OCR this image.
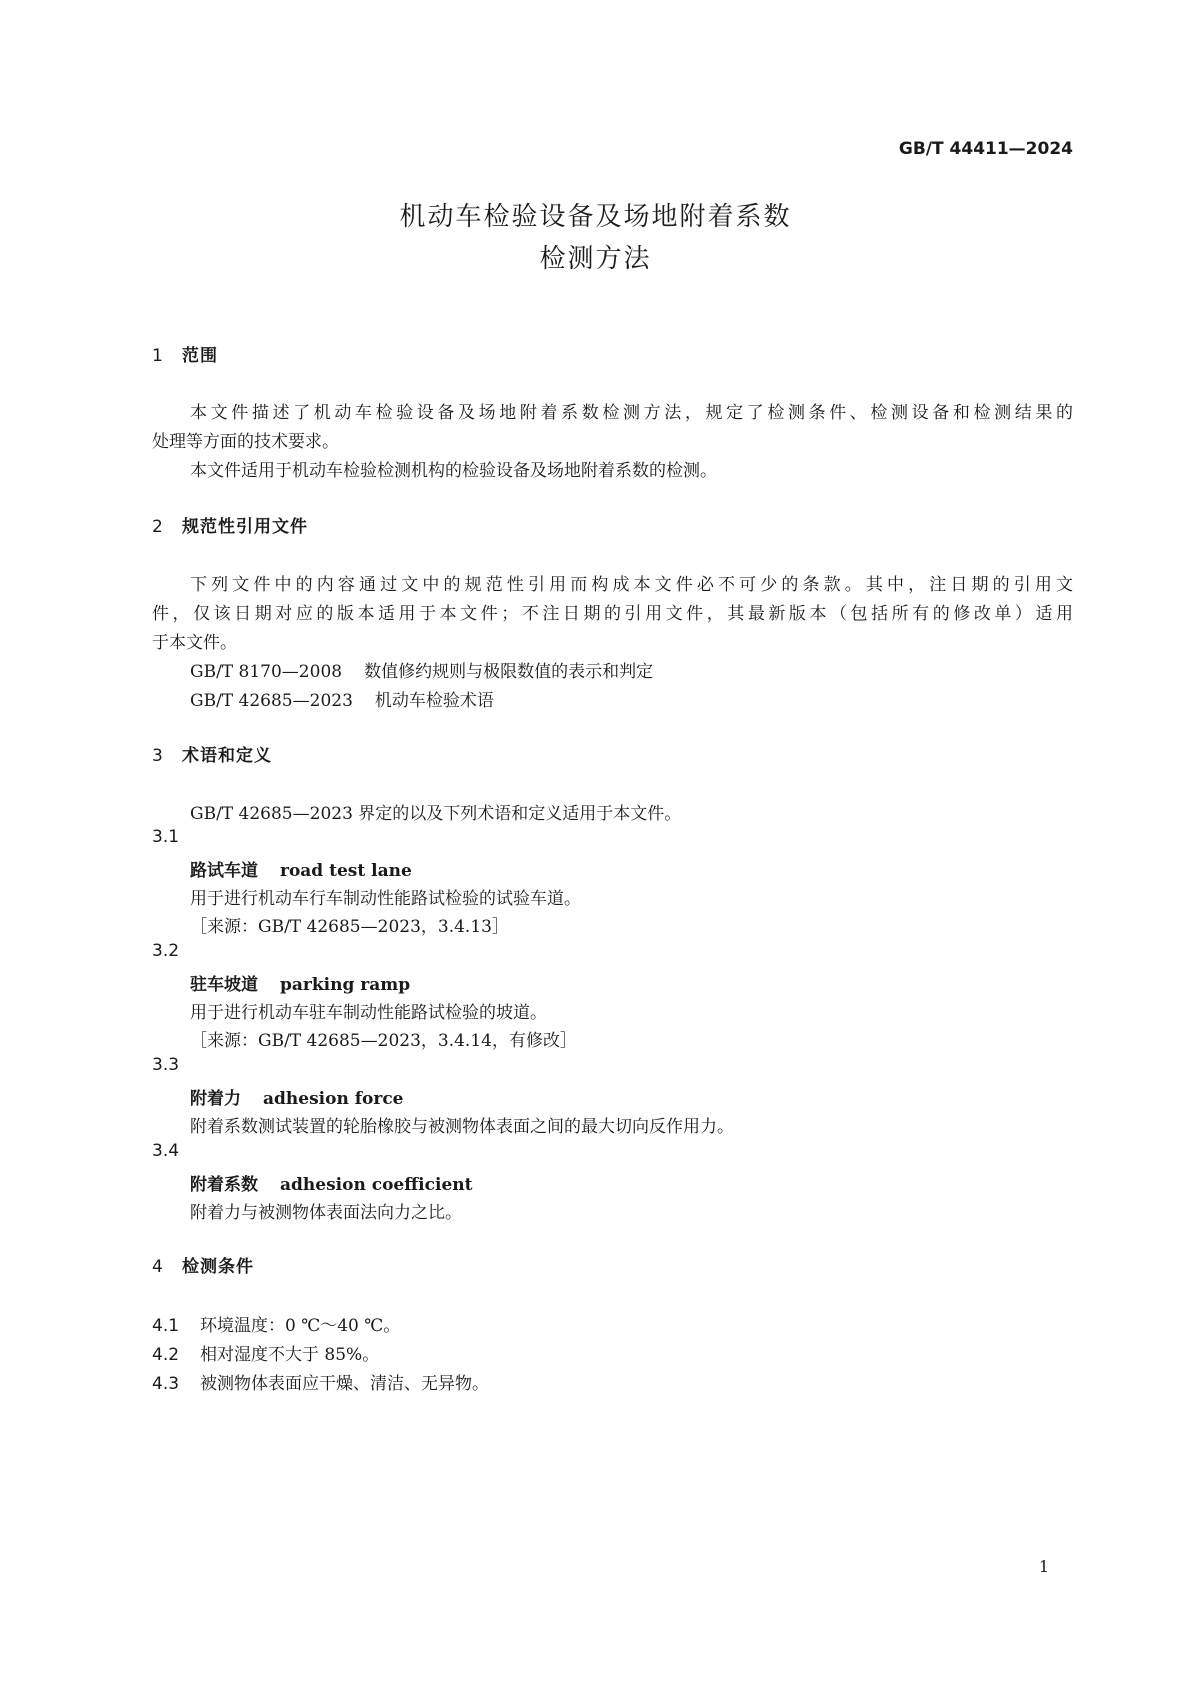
GB/T 44411—2024
机动车检验设备及场地附着系数
检测方法
1 范围
本文件描述了机动车检验设备及场地附着系数检测方法，规定了检测条件、检测设备和检测结果的
处理等方面的技术要求。
本文件适用于机动车检验检测机构的检验设备及场地附着系数的检测。
2 规范性引用文件
下列文件中的内容通过文中的规范性引用而构成本文件必不可少的条款。其中，注日期的引用文
件，仅该日期对应的版本适用于本文件；不注日期的引用文件，其最新版本（包括所有的修改单）适用
于本文件。
GB/T 8170—2008 数值修约规则与极限数值的表示和判定
GB/T 42685—2023 机动车检验术语
3 术语和定义
GB/T 42685—2023 界定的以及下列术语和定义适用于本文件。
3.1
路试车道 road test lane
用于进行机动车行车制动性能路试检验的试验车道。
［来源：GB/T 42685—2023，3.4.13］
3.2
驻车坡道 parking ramp
用于进行机动车驻车制动性能路试检验的坡道。
［来源：GB/T 42685—2023，3.4.14，有修改］
3.3
附着力 adhesion force
附着系数测试装置的轮胎橡胶与被测物体表面之间的最大切向反作用力。
3.4
附着系数 adhesion coefficient
附着力与被测物体表面法向力之比。
4 检测条件
4.1 环境温度：0 ℃～40 ℃。
4.2 相对湿度不大于 85%。
4.3 被测物体表面应干燥、清洁、无异物。
1
